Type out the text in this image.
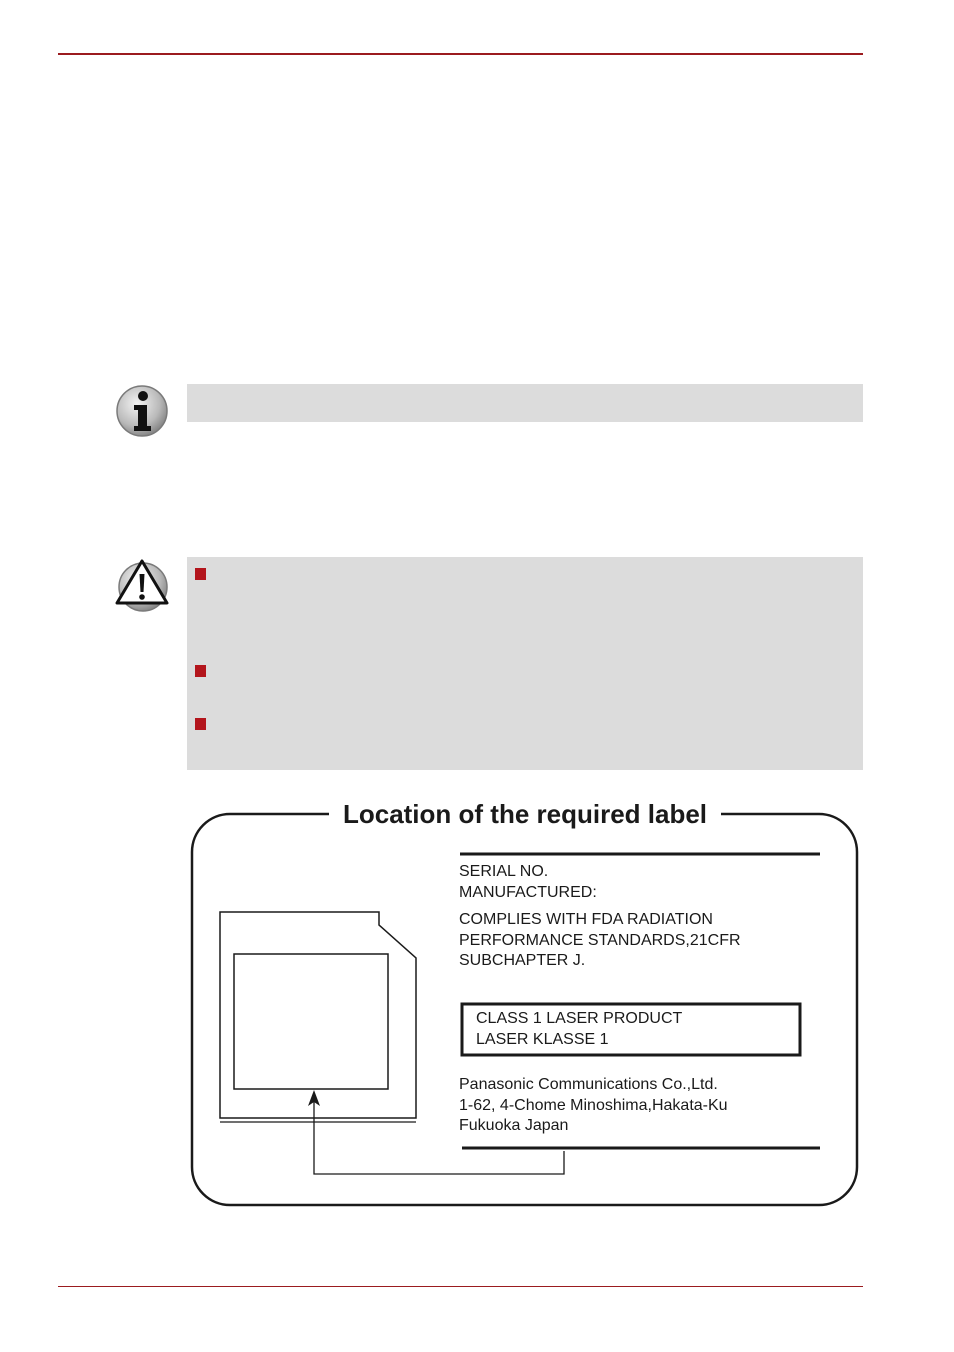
Location of the required label
SERIAL NO.
MANUFACTURED:
COMPLIES WITH FDA RADIATION
PERFORMANCE STANDARDS,21CFR
SUBCHAPTER J.
CLASS 1 LASER PRODUCT
LASER KLASSE 1
Panasonic Communications Co.,Ltd.
1-62, 4-Chome Minoshima,Hakata-Ku
Fukuoka Japan
